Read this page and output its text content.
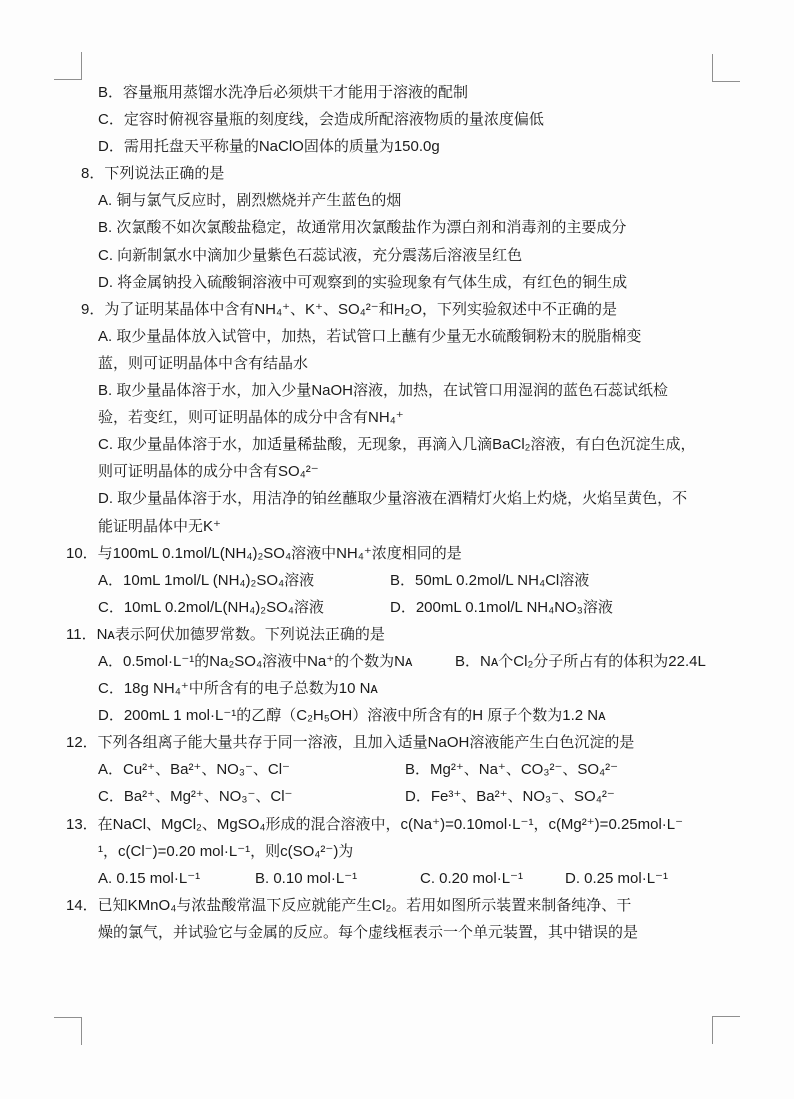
B．容量瓶用蒸馏水洗净后必须烘干才能用于溶液的配制
C．定容时俯视容量瓶的刻度线，会造成所配溶液物质的量浓度偏低
D．需用托盘天平称量的NaClO固体的质量为150.0g
8．下列说法正确的是
A. 铜与氯气反应时，剧烈燃烧并产生蓝色的烟
B. 次氯酸不如次氯酸盐稳定，故通常用次氯酸盐作为漂白剂和消毒剂的主要成分
C. 向新制氯水中滴加少量紫色石蕊试液，充分震荡后溶液呈红色
D. 将金属钠投入硫酸铜溶液中可观察到的实验现象有气体生成，有红色的铜生成
9．为了证明某晶体中含有NH₄⁺、K⁺、SO₄²⁻和H₂O，下列实验叙述中不正确的是
A. 取少量晶体放入试管中，加热，若试管口上蘸有少量无水硫酸铜粉末的脱脂棉变
蓝，则可证明晶体中含有结晶水
B. 取少量晶体溶于水，加入少量NaOH溶液，加热，在试管口用湿润的蓝色石蕊试纸检
验，若变红，则可证明晶体的成分中含有NH₄⁺
C. 取少量晶体溶于水，加适量稀盐酸，无现象，再滴入几滴BaCl₂溶液，有白色沉淀生成，
则可证明晶体的成分中含有SO₄²⁻
D. 取少量晶体溶于水，用洁净的铂丝蘸取少量溶液在酒精灯火焰上灼烧，火焰呈黄色，不
能证明晶体中无K⁺
10．与100mL 0.1mol/L(NH₄)₂SO₄溶液中NH₄⁺浓度相同的是
A．10mL 1mol/L (NH₄)₂SO₄溶液	B．50mL 0.2mol/L NH₄Cl溶液
C．10mL 0.2mol/L(NH₄)₂SO₄溶液	D．200mL 0.1mol/L NH₄NO₃溶液
11．Nᴀ表示阿伏加德罗常数。下列说法正确的是
A．0.5mol·L⁻¹的Na₂SO₄溶液中Na⁺的个数为Nᴀ	B．Nᴀ个Cl₂分子所占有的体积为22.4L
C．18g NH₄⁺中所含有的电子总数为10 Nᴀ
D．200mL 1 mol·L⁻¹的乙醇（C₂H₅OH）溶液中所含有的H 原子个数为1.2 Nᴀ
12．下列各组离子能大量共存于同一溶液，且加入适量NaOH溶液能产生白色沉淀的是
A．Cu²⁺、Ba²⁺、NO₃⁻、Cl⁻	B．Mg²⁺、Na⁺、CO₃²⁻、SO₄²⁻
C．Ba²⁺、Mg²⁺、NO₃⁻、Cl⁻	D．Fe³⁺、Ba²⁺、NO₃⁻、SO₄²⁻
13．在NaCl、MgCl₂、MgSO₄形成的混合溶液中，c(Na⁺)=0.10mol·L⁻¹，c(Mg²⁺)=0.25mol·L⁻
¹，c(Cl⁻)=0.20 mol·L⁻¹，则c(SO₄²⁻)为
A. 0.15 mol·L⁻¹	B. 0.10 mol·L⁻¹	C. 0.20 mol·L⁻¹	D. 0.25 mol·L⁻¹
14．已知KMnO₄与浓盐酸常温下反应就能产生Cl₂。若用如图所示装置来制备纯净、干
燥的氯气，并试验它与金属的反应。每个虚线框表示一个单元装置，其中错误的是
